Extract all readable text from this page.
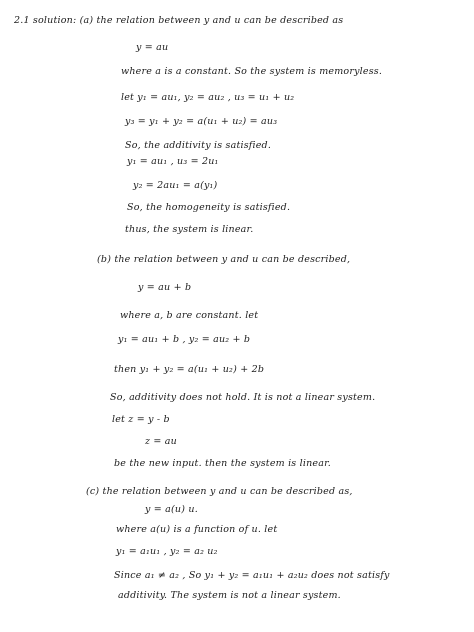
2.1 solution: (a) the relation between y and u can be described as
y = au
where a is a constant. So the system is memoryless.
let y₁ = au₁, y₂ = au₂ , u₃ = u₁ + u₂
y₃ = y₁ + y₂ = a(u₁ + u₂) = au₃
So, the additivity is satisfied.
y₁ = au₁ , u₃ = 2u₁
y₂ = 2au₁ = a(y₁)
So, the homogeneity is satisfied.
thus, the system is linear.
(b) the relation between y and u can be described,
y = au + b
where a, b are constant. let
y₁ = au₁ + b , y₂ = au₂ + b
then y₁ + y₂ = a(u₁ + u₂) + 2b
So, additivity does not hold. It is not a linear system.
let z = y - b
z = au
be the new input. then the system is linear.
(c) the relation between y and u can be described as,
y = a(u) u.
where a(u) is a function of u. let
y₁ = a₁u₁ , y₂ = a₂ u₂
Since a₁ ≠ a₂ , So y₁ + y₂ = a₁u₁ + a₂u₂ does not satisfy
additivity. The system is not a linear system.
